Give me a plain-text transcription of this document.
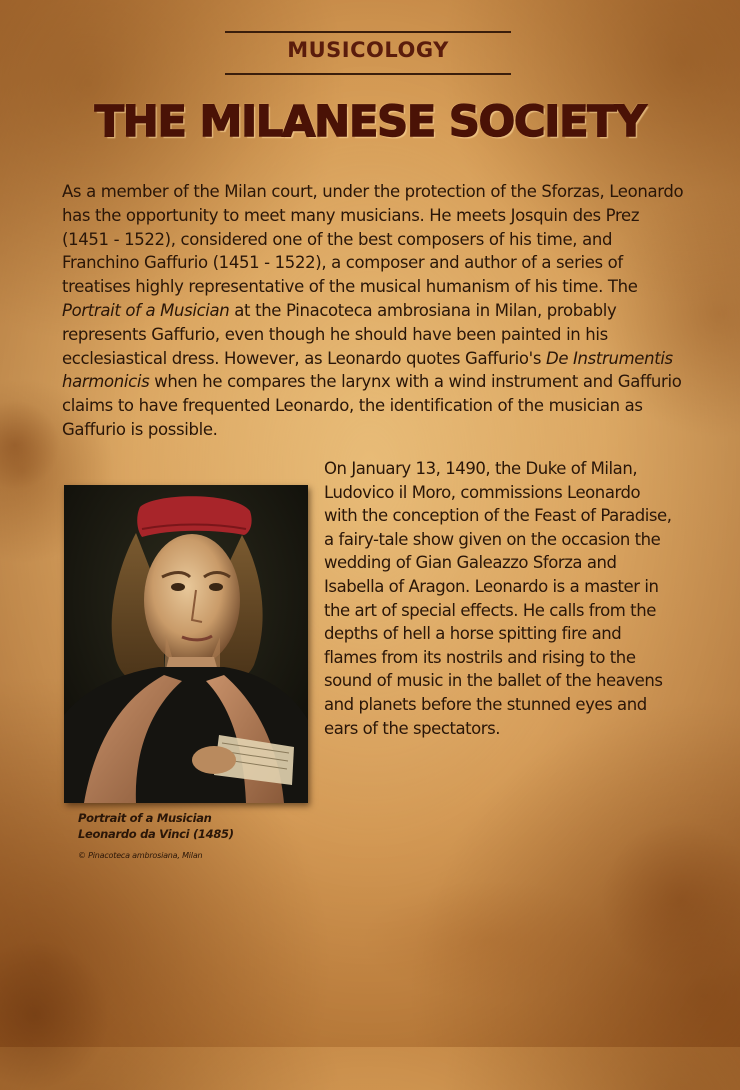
MUSICOLOGY
THE MILANESE SOCIETY

As a member of the Milan court, under the protection of the Sforzas, Leonardo has the opportunity to meet many musicians. He meets Josquin des Prez (1451 - 1522), considered one of the best composers of his time, and Franchino Gaffurio (1451 - 1522), a composer and author of a series of treatises highly representative of the musical humanism of his time. The Portrait of a Musician at the Pinacoteca ambrosiana in Milan, probably represents Gaffurio, even though he should have been painted in his ecclesiastical dress. However, as Leonardo quotes Gaffurio's De Instrumentis harmonicis when he compares the larynx with a wind instrument and Gaffurio claims to have frequented Leonardo, the identification of the musician as Gaffurio is possible.

Portrait of a Musician
Leonardo da Vinci (1485)
© Pinacoteca ambrosiana, Milan

On January 13, 1490, the Duke of Milan, Ludovico il Moro, commissions Leonardo with the conception of the Feast of Paradise, a fairy-tale show given on the occasion the wedding of Gian Galeazzo Sforza and Isabella of Aragon. Leonardo is a master in the art of special effects. He calls from the depths of hell a horse spitting fire and flames from its nostrils and rising to the sound of music in the ballet of the heavens and planets before the stunned eyes and ears of the spectators.
